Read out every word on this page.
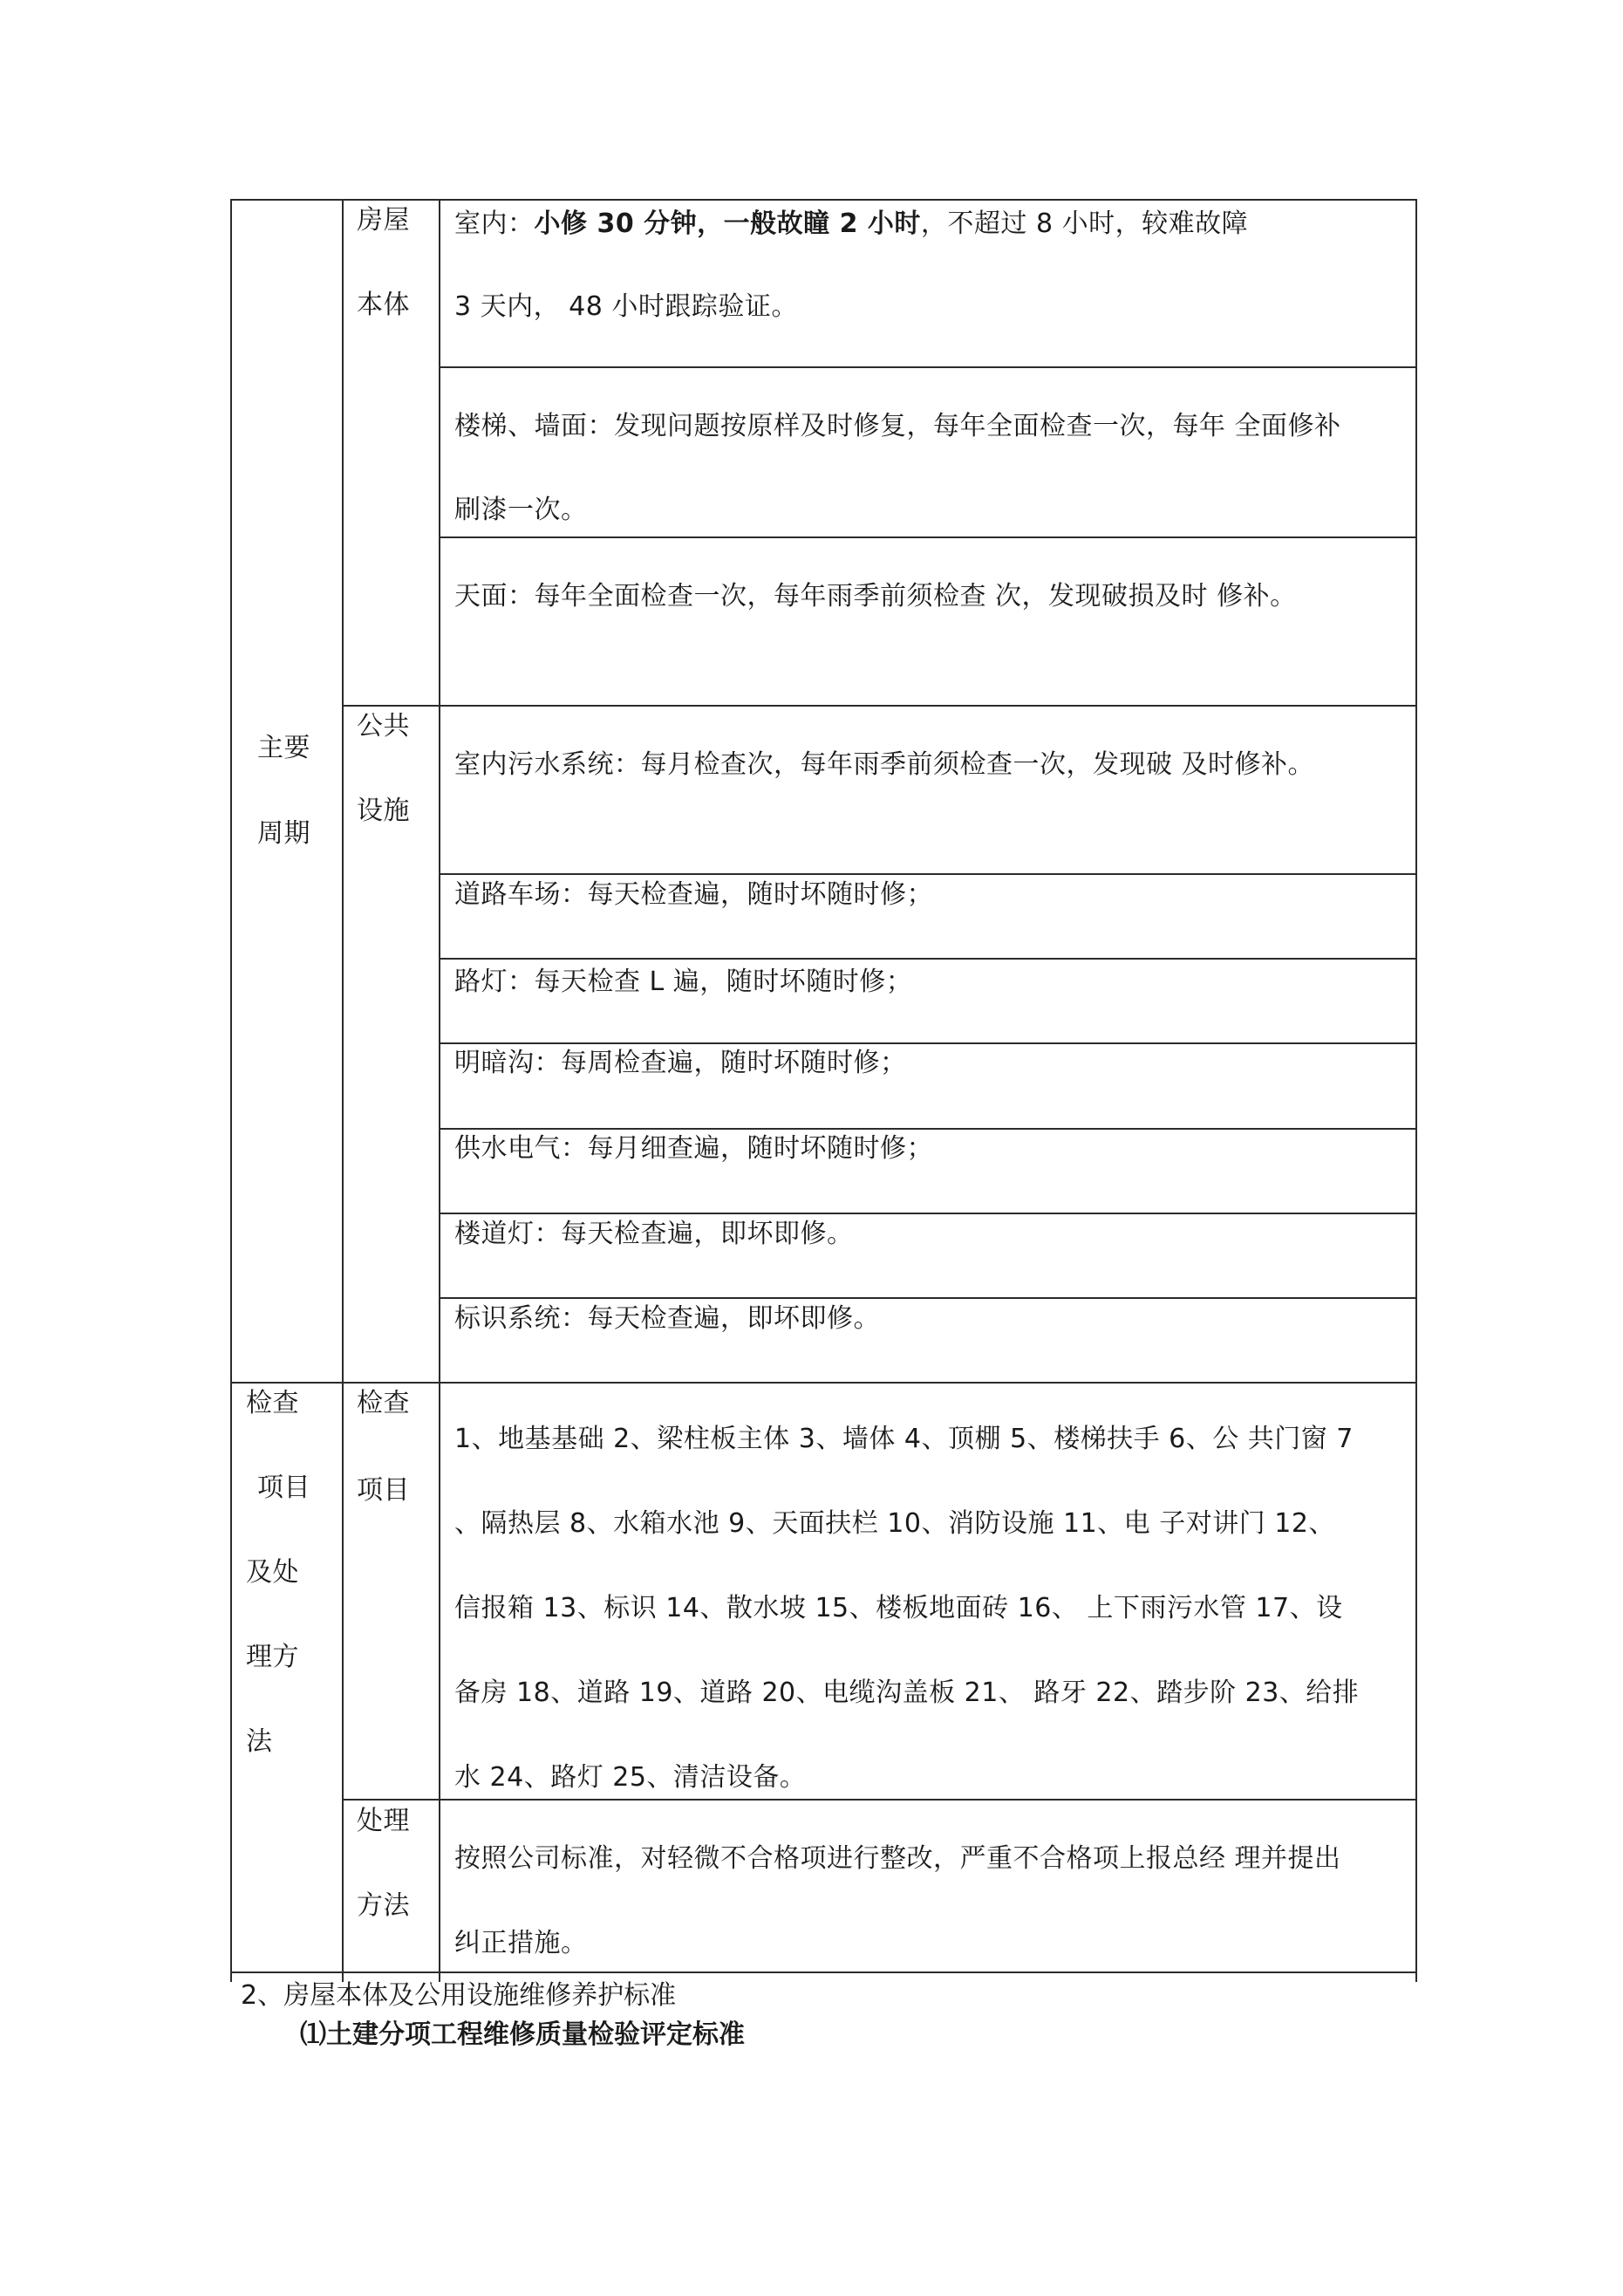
主要
周期
检查
项目
及处
理方
法
房屋
本体
公共
设施
检查
项目
处理
方法
室内：小修 30 分钟，一般故瞳 2 小时，不超过 8 小时，较难故障
3 天内， 48 小时跟踪验证。
楼梯、墙面：发现问题按原样及时修复，每年全面检查一次，每年 全面修补
刷漆一次。
天面：每年全面检查一次，每年雨季前须检查 次，发现破损及时 修补。
室内污水系统：每月检查次，每年雨季前须检查一次，发现破 及时修补。
道路车场：每天检查遍，随时坏随时修；
路灯：每天检查 L 遍，随时坏随时修；
明暗沟：每周检查遍，随时坏随时修；
供水电气：每月细查遍，随时坏随时修；
楼道灯：每天检查遍，即坏即修。
标识系统：每天检查遍，即坏即修。
1、地基基础 2、梁柱板主体 3、墙体 4、顶棚 5、楼梯扶手 6、公 共门窗 7
、隔热层 8、水箱水池 9、天面扶栏 10、消防设施 11、电 子对讲门 12、
信报箱 13、标识 14、散水坡 15、楼板地面砖 16、 上下雨污水管 17、设
备房 18、道路 19、道路 20、电缆沟盖板 21、 路牙 22、踏步阶 23、给排
水 24、路灯 25、清洁设备。
按照公司标准，对轻微不合格项进行整改，严重不合格项上报总经 理并提出
纠正措施。
2、房屋本体及公用设施维修养护标准
⑴土建分项工程维修质量检验评定标准
